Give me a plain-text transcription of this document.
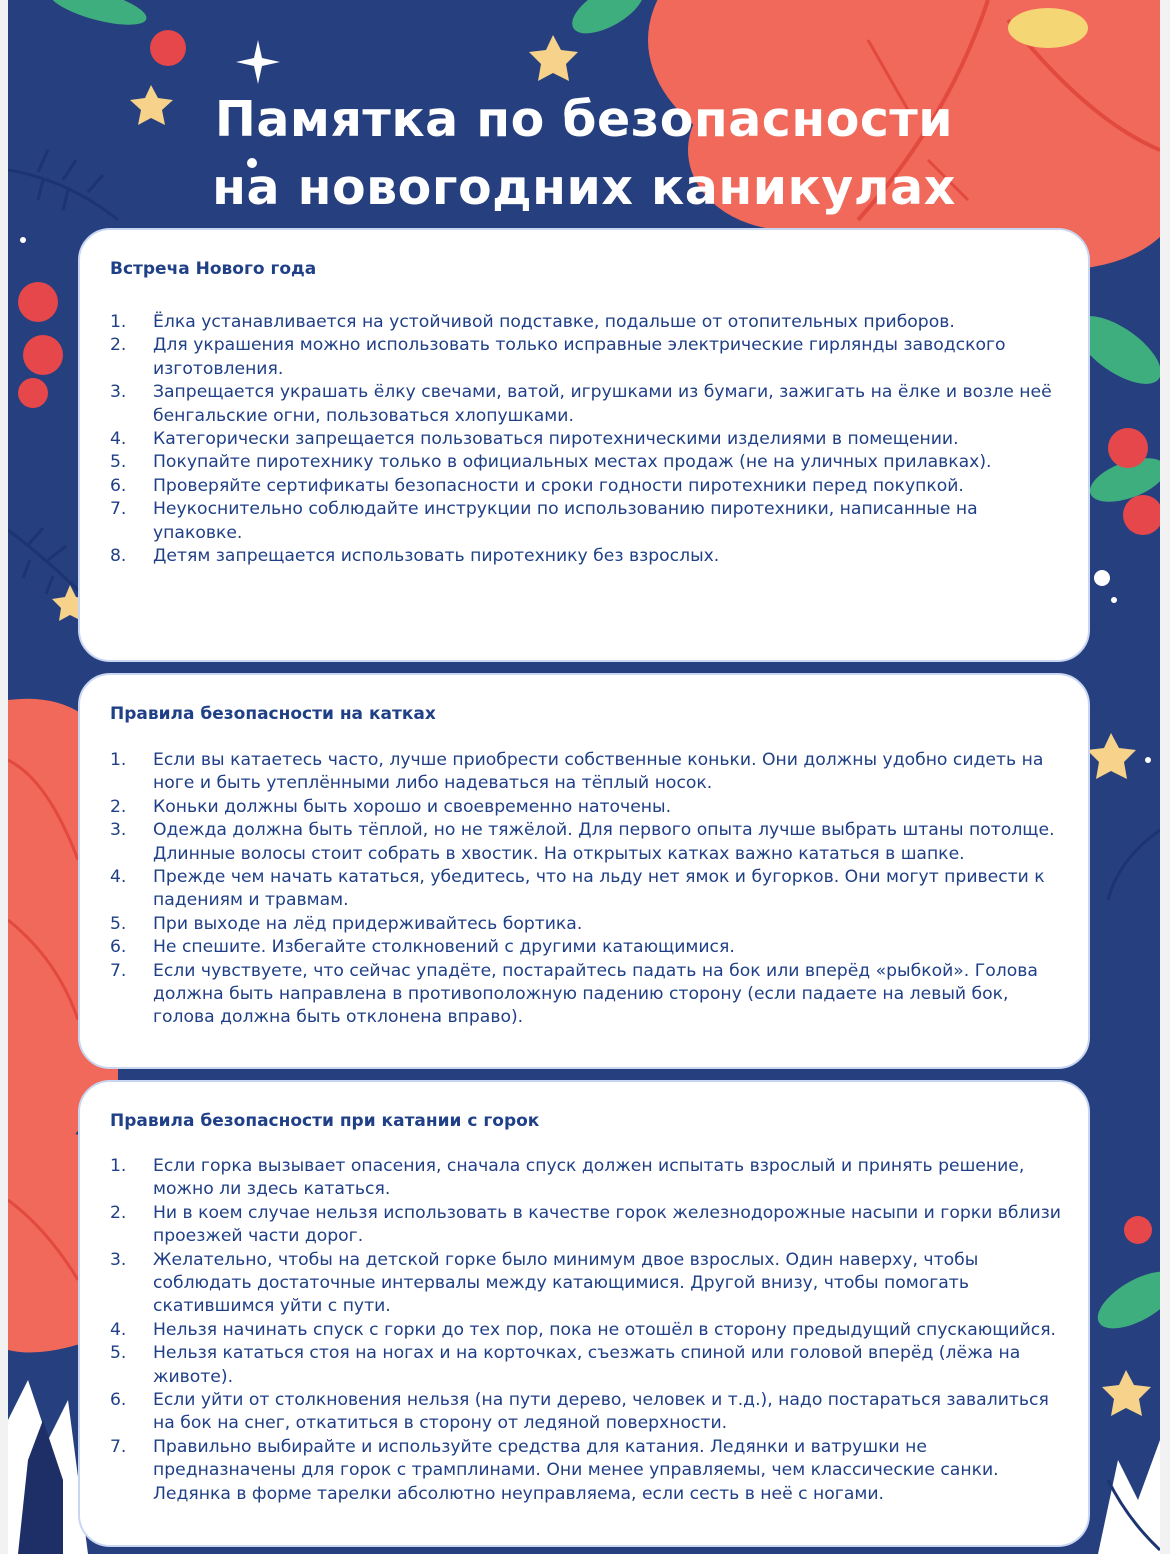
Памятка по безопасности
на новогодних каникулах
Встреча Нового года
1. Ёлка устанавливается на устойчивой подставке, подальше от отопительных приборов.
2. Для украшения можно использовать только исправные электрические гирлянды заводского изготовления.
3. Запрещается украшать ёлку свечами, ватой, игрушками из бумаги, зажигать на ёлке и возле неё бенгальские огни, пользоваться хлопушками.
4. Категорически запрещается пользоваться пиротехническими изделиями в помещении.
5. Покупайте пиротехнику только в официальных местах продаж (не на уличных прилавках).
6. Проверяйте сертификаты безопасности и сроки годности пиротехники перед покупкой.
7. Неукоснительно соблюдайте инструкции по использованию пиротехники, написанные на упаковке.
8. Детям запрещается использовать пиротехнику без взрослых.
Правила безопасности на катках
1. Если вы катаетесь часто, лучше приобрести собственные коньки. Они должны удобно сидеть на ноге и быть утеплёнными либо надеваться на тёплый носок.
2. Коньки должны быть хорошо и своевременно наточены.
3. Одежда должна быть тёплой, но не тяжёлой. Для первого опыта лучше выбрать штаны потолще. Длинные волосы стоит собрать в хвостик. На открытых катках важно кататься в шапке.
4. Прежде чем начать кататься, убедитесь, что на льду нет ямок и бугорков. Они могут привести к падениям и травмам.
5. При выходе на лёд придерживайтесь бортика.
6. Не спешите. Избегайте столкновений с другими катающимися.
7. Если чувствуете, что сейчас упадёте, постарайтесь падать на бок или вперёд «рыбкой». Голова должна быть направлена в противоположную падению сторону (если падаете на левый бок, голова должна быть отклонена вправо).
Правила безопасности при катании с горок
1. Если горка вызывает опасения, сначала спуск должен испытать взрослый и принять решение, можно ли здесь кататься.
2. Ни в коем случае нельзя использовать в качестве горок железнодорожные насыпи и горки вблизи проезжей части дорог.
3. Желательно, чтобы на детской горке было минимум двое взрослых. Один наверху, чтобы соблюдать достаточные интервалы между катающимися. Другой внизу, чтобы помогать скатившимся уйти с пути.
4. Нельзя начинать спуск с горки до тех пор, пока не отошёл в сторону предыдущий спускающийся.
5. Нельзя кататься стоя на ногах и на корточках, съезжать спиной или головой вперёд (лёжа на животе).
6. Если уйти от столкновения нельзя (на пути дерево, человек и т.д.), надо постараться завалиться на бок на снег, откатиться в сторону от ледяной поверхности.
7. Правильно выбирайте и используйте средства для катания. Ледянки и ватрушки не предназначены для горок с трамплинами. Они менее управляемы, чем классические санки. Ледянка в форме тарелки абсолютно неуправляема, если сесть в неё с ногами.
